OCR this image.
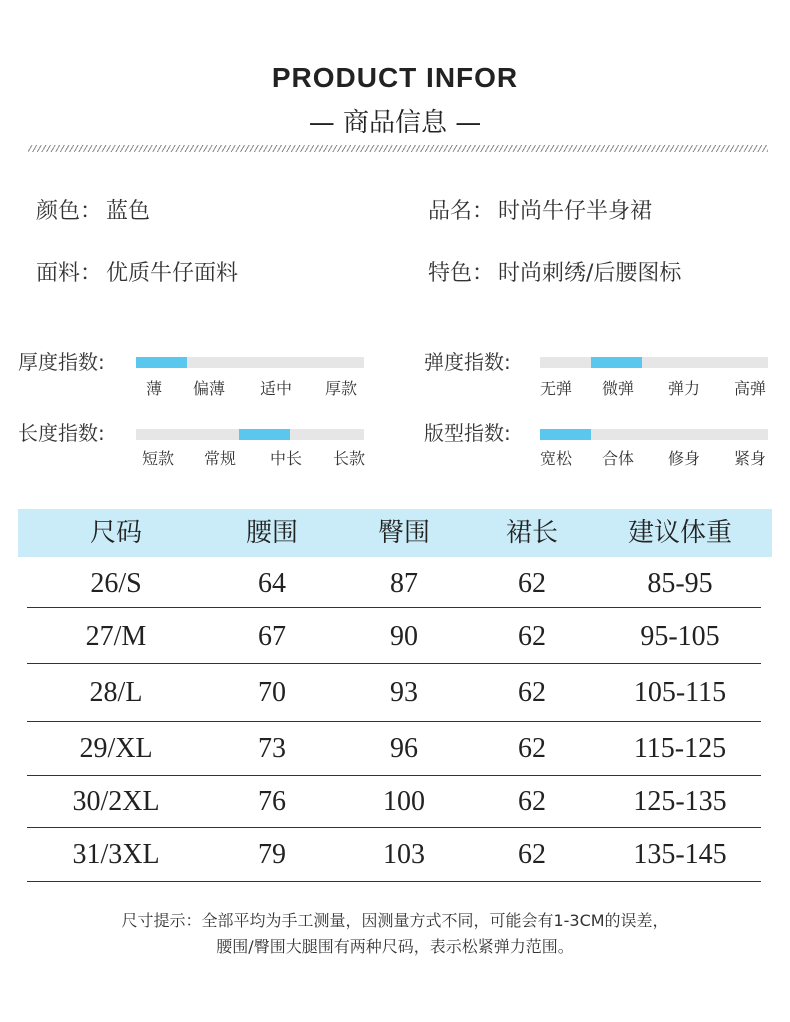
PRODUCT INFOR
— 商品信息 —
颜色： 蓝色	品名： 时尚牛仔半身裙
面料： 优质牛仔面料	特色： 时尚刺绣/后腰图标
厚度指数:
薄 偏薄 适中 厚款
弹度指数:
无弹 微弹 弹力 高弹
长度指数:
短款 常规 中长 长款
版型指数:
宽松 合体 修身 紧身
尺码	腰围	臀围	裙长	建议体重
26/S	64	87	62	85-95
27/M	67	90	62	95-105
28/L	70	93	62	105-115
29/XL	73	96	62	115-125
30/2XL	76	100	62	125-135
31/3XL	79	103	62	135-145
尺寸提示：全部平均为手工测量，因测量方式不同，可能会有1-3CM的误差，
腰围/臀围大腿围有两种尺码，表示松紧弹力范围。
